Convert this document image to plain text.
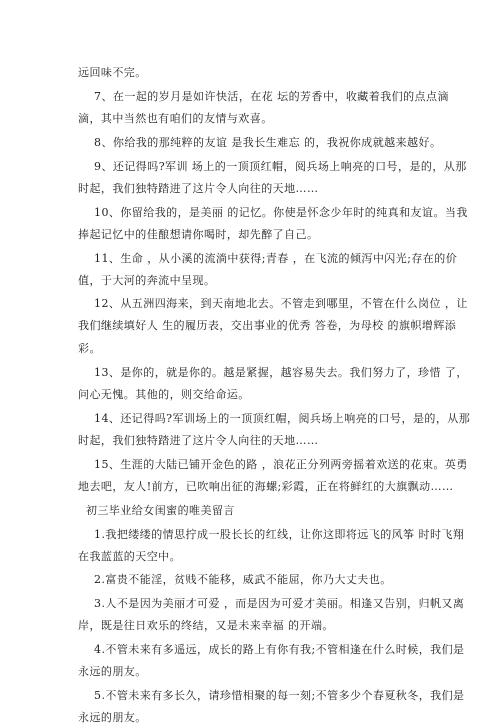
远回味不完。
7、在一起的岁月是如许快活，在花 坛的芳香中，收藏着我们的点点滴
滴，其中当然也有咱们的友情与欢喜。
8、你给我的那纯粹的友谊 是我长生难忘 的，我祝你成就越来越好。
9、还记得吗?军训 场上的一顶顶红帽，阅兵场上响亮的口号，是的，从那
时起，我们独特踏进了这片令人向往的天地……
10、你留给我的，是美丽 的记忆。你使是怀念少年时的纯真和友谊。当我
捧起记忆中的佳酿想请你喝时，却先醉了自己。
11、生命 ，从小溪的流淌中获得;青春 ，在飞流的倾泻中闪光;存在的价
值，于大河的奔流中呈现。
12、从五洲四海来，到天南地北去。不管走到哪里，不管在什么岗位 ，让
我们继续填好人 生的履历表，交出事业的优秀 答卷，为母校 的旗帜增辉添
彩。
13、是你的，就是你的。越是紧握，越容易失去。我们努力了，珍惜 了，
问心无愧。其他的，则交给命运。
14、还记得吗?军训场上的一顶顶红帽，阅兵场上响亮的口号，是的，从那
时起，我们独特踏进了这片令人向往的天地……
15、生涯的大陆已铺开金色的路 ，浪花正分列两旁摇着欢送的花束。英勇
地去吧，友人!前方，已吹响出征的海螺;彩霞，正在将鲜红的大旗飘动……
初三毕业给女闺蜜的唯美留言
1.我把缕缕的情思拧成一股长长的红线，让你这即将远飞的风筝 时时飞翔
在我蓝蓝的天空中。
2.富贵不能淫，贫贱不能移，威武不能屈，你乃大丈夫也。
3.人不是因为美丽才可爱 ，而是因为可爱才美丽。相逢又告别，归帆又离
岸，既是往日欢乐的终结，又是未来幸福 的开端。
4.不管未来有多遥远，成长的路上有你有我;不管相逢在什么时候，我们是
永远的朋友。
5.不管未来有多长久，请珍惜相聚的每一刻;不管多少个春夏秋冬，我们是
永远的朋友。
